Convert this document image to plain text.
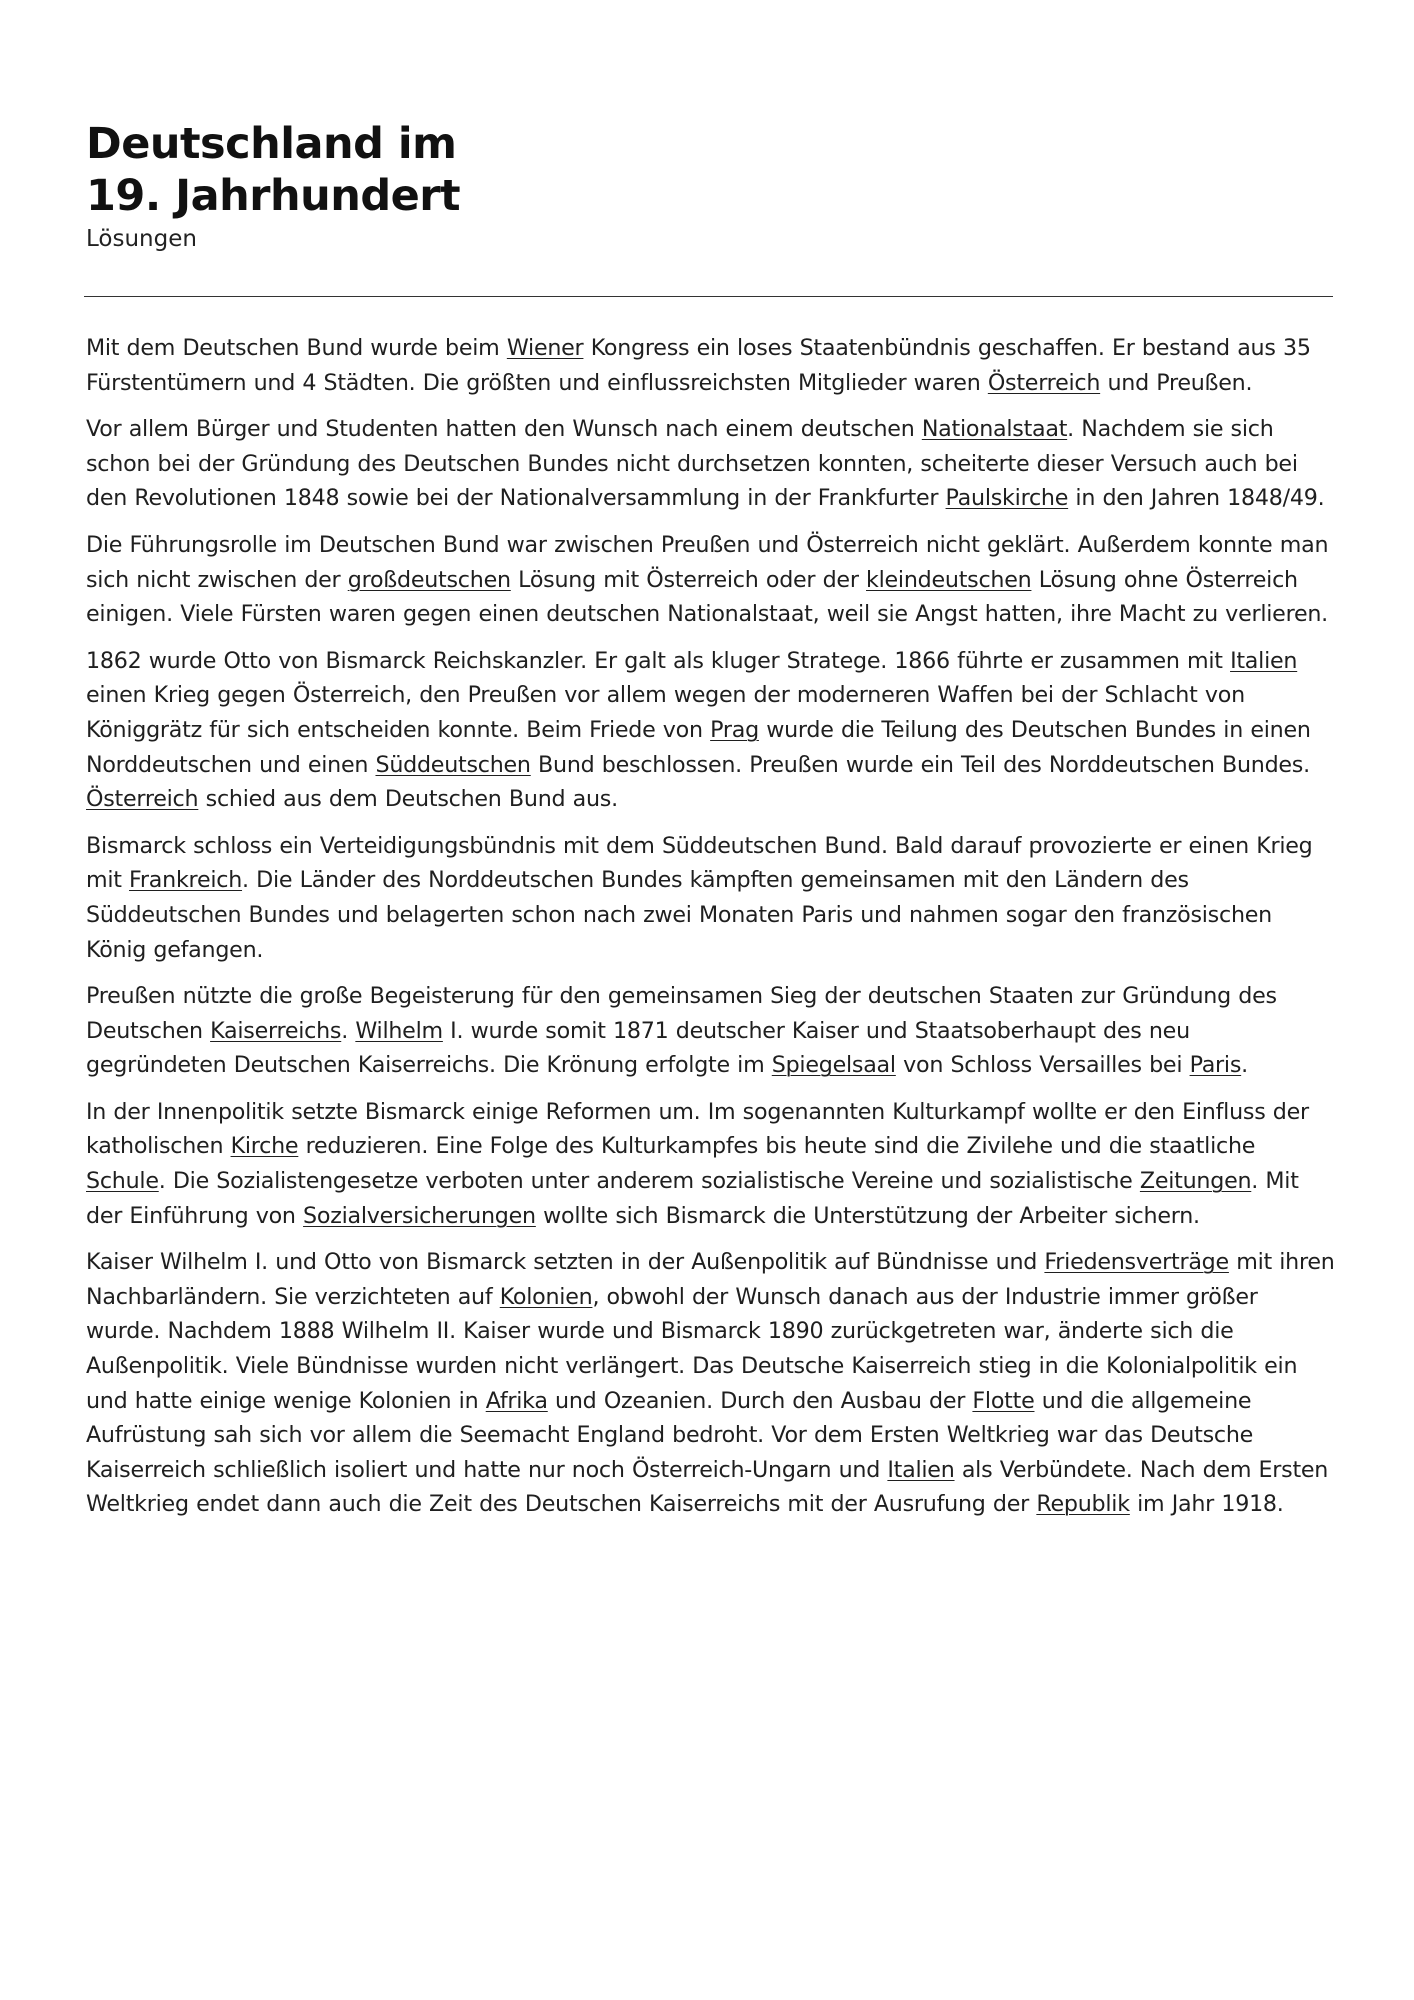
Deutschland im
19. Jahrhundert
Lösungen

Mit dem Deutschen Bund wurde beim Wiener Kongress ein loses Staatenbündnis geschaffen. Er bestand aus 35 Fürstentümern und 4 Städten. Die größten und einflussreichsten Mitglieder waren Österreich und Preußen.

Vor allem Bürger und Studenten hatten den Wunsch nach einem deutschen Nationalstaat. Nachdem sie sich schon bei der Gründung des Deutschen Bundes nicht durchsetzen konnten, scheiterte dieser Versuch auch bei den Revolutionen 1848 sowie bei der Nationalversammlung in der Frankfurter Paulskirche in den Jahren 1848/49.

Die Führungsrolle im Deutschen Bund war zwischen Preußen und Österreich nicht geklärt. Außerdem konnte man sich nicht zwischen der großdeutschen Lösung mit Österreich oder der kleindeutschen Lösung ohne Österreich einigen. Viele Fürsten waren gegen einen deutschen Nationalstaat, weil sie Angst hatten, ihre Macht zu verlieren.

1862 wurde Otto von Bismarck Reichskanzler. Er galt als kluger Stratege. 1866 führte er zusammen mit Italien einen Krieg gegen Österreich, den Preußen vor allem wegen der moderneren Waffen bei der Schlacht von Königgrätz für sich entscheiden konnte. Beim Friede von Prag wurde die Teilung des Deutschen Bundes in einen Norddeutschen und einen Süddeutschen Bund beschlossen. Preußen wurde ein Teil des Norddeutschen Bundes. Österreich schied aus dem Deutschen Bund aus.

Bismarck schloss ein Verteidigungsbündnis mit dem Süddeutschen Bund. Bald darauf provozierte er einen Krieg mit Frankreich. Die Länder des Norddeutschen Bundes kämpften gemeinsamen mit den Ländern des Süddeutschen Bundes und belagerten schon nach zwei Monaten Paris und nahmen sogar den französischen König gefangen.

Preußen nützte die große Begeisterung für den gemeinsamen Sieg der deutschen Staaten zur Gründung des Deutschen Kaiserreichs. Wilhelm I. wurde somit 1871 deutscher Kaiser und Staatsoberhaupt des neu gegründeten Deutschen Kaiserreichs. Die Krönung erfolgte im Spiegelsaal von Schloss Versailles bei Paris.

In der Innenpolitik setzte Bismarck einige Reformen um. Im sogenannten Kulturkampf wollte er den Einfluss der katholischen Kirche reduzieren. Eine Folge des Kulturkampfes bis heute sind die Zivilehe und die staatliche Schule. Die Sozialistengesetze verboten unter anderem sozialistische Vereine und sozialistische Zeitungen. Mit der Einführung von Sozialversicherungen wollte sich Bismarck die Unterstützung der Arbeiter sichern.

Kaiser Wilhelm I. und Otto von Bismarck setzten in der Außenpolitik auf Bündnisse und Friedensverträge mit ihren Nachbarländern. Sie verzichteten auf Kolonien, obwohl der Wunsch danach aus der Industrie immer größer wurde. Nachdem 1888 Wilhelm II. Kaiser wurde und Bismarck 1890 zurückgetreten war, änderte sich die Außenpolitik. Viele Bündnisse wurden nicht verlängert. Das Deutsche Kaiserreich stieg in die Kolonialpolitik ein und hatte einige wenige Kolonien in Afrika und Ozeanien. Durch den Ausbau der Flotte und die allgemeine Aufrüstung sah sich vor allem die Seemacht England bedroht. Vor dem Ersten Weltkrieg war das Deutsche Kaiserreich schließlich isoliert und hatte nur noch Österreich-Ungarn und Italien als Verbündete. Nach dem Ersten Weltkrieg endet dann auch die Zeit des Deutschen Kaiserreichs mit der Ausrufung der Republik im Jahr 1918.
